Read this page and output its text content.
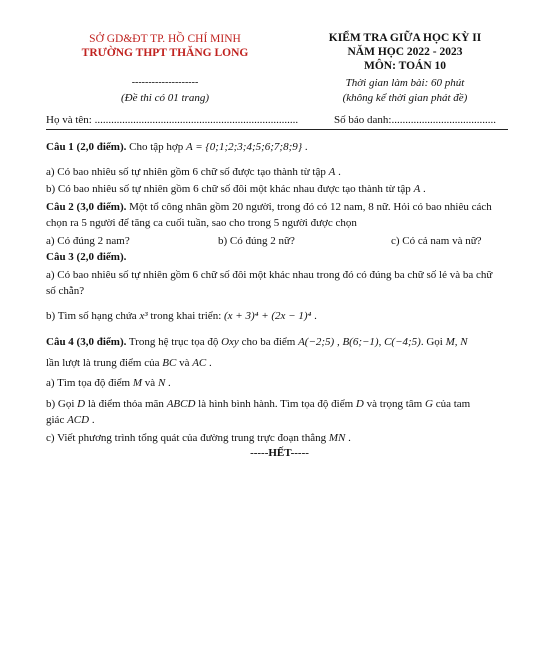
SỞ GD&ĐT TP. HỒ CHÍ MINH
TRƯỜNG THPT THĂNG LONG
--------------------
(Đề thi có 01 trang)
KIỂM TRA GIỮA HỌC KỲ II
NĂM HỌC 2022 - 2023
MÔN: TOÁN 10
Thời gian làm bài: 60 phút
(không kể thời gian phát đề)
Họ và tên: ..........................................................................	Số báo danh:......................................
Câu 1 (2,0 điểm). Cho tập hợp A = {0;1;2;3;4;5;6;7;8;9} .
a) Có bao nhiêu số tự nhiên gồm 6 chữ số được tạo thành từ tập A .
b) Có bao nhiêu số tự nhiên gồm 6 chữ số đôi một khác nhau được tạo thành từ tập A .
Câu 2 (3,0 điểm). Một tổ công nhân gồm 20 người, trong đó có 12 nam, 8 nữ. Hỏi có bao nhiêu cách
chọn ra 5 người để tăng ca cuối tuần, sao cho trong 5 người được chọn
a) Có đúng 2 nam?	b) Có đúng 2 nữ?	c) Có cả nam và nữ?
Câu 3 (2,0 điểm).
a) Có bao nhiêu số tự nhiên gồm 6 chữ số đôi một khác nhau trong đó có đúng ba chữ số lẻ và ba chữ
số chẵn?
b) Tìm số hạng chứa x³ trong khai triển: (x + 3)⁴ + (2x − 1)⁴ .
Câu 4 (3,0 điểm). Trong hệ trục tọa độ Oxy cho ba điểm A(−2;5) , B(6;−1), C(−4;5). Gọi M, N
lần lượt là trung điểm của BC và AC .
a) Tìm tọa độ điểm M và N .
b) Gọi D là điểm thỏa mãn ABCD là hình bình hành. Tìm tọa độ điểm D và trọng tâm G của tam
giác ACD .
c) Viết phương trình tổng quát của đường trung trực đoạn thẳng MN .
-----HẾT-----
